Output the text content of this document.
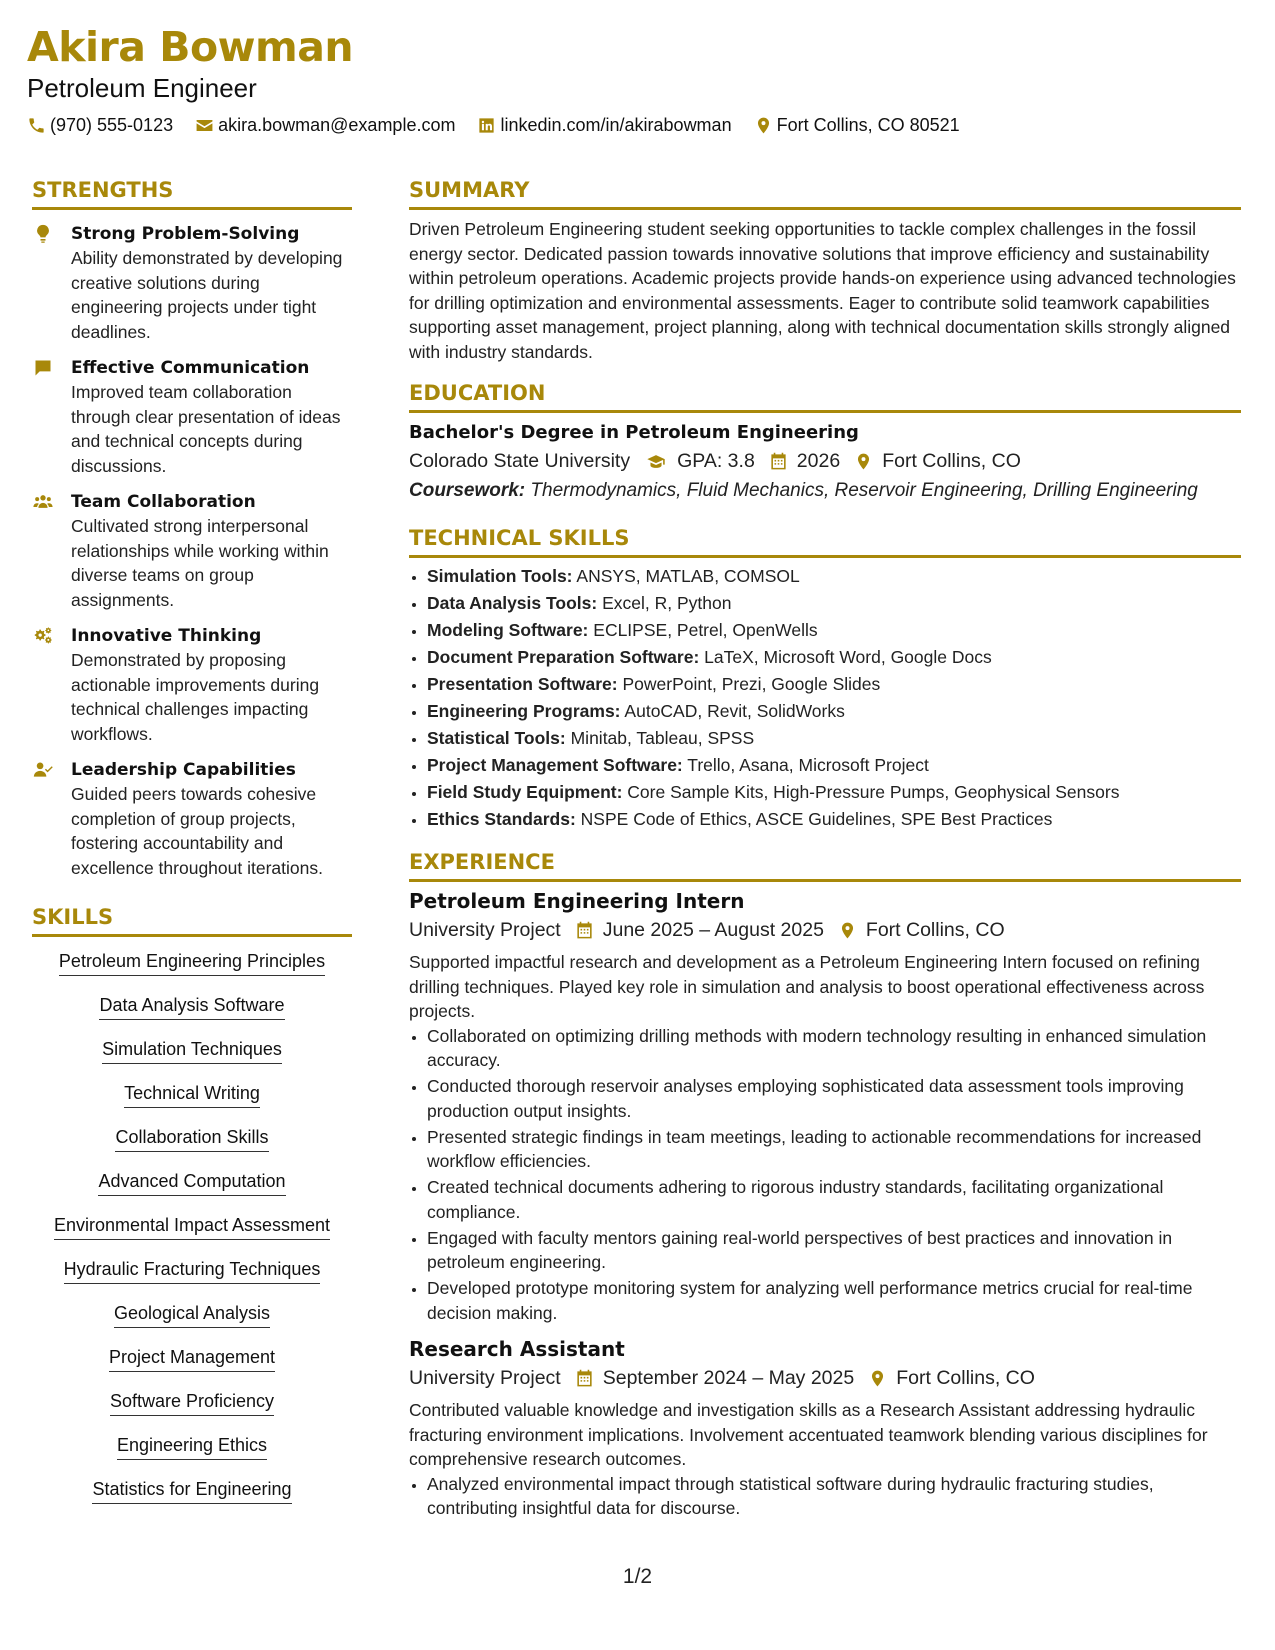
Akira Bowman
Petroleum Engineer
(970) 555-0123	akira.bowman@example.com	linkedin.com/in/akirabowman	Fort Collins, CO 80521
STRENGTHS
Strong Problem-Solving
Ability demonstrated by developing creative solutions during engineering projects under tight deadlines.
Effective Communication
Improved team collaboration through clear presentation of ideas and technical concepts during discussions.
Team Collaboration
Cultivated strong interpersonal relationships while working within diverse teams on group assignments.
Innovative Thinking
Demonstrated by proposing actionable improvements during technical challenges impacting workflows.
Leadership Capabilities
Guided peers towards cohesive completion of group projects, fostering accountability and excellence throughout iterations.
SKILLS
Petroleum Engineering Principles
Data Analysis Software
Simulation Techniques
Technical Writing
Collaboration Skills
Advanced Computation
Environmental Impact Assessment
Hydraulic Fracturing Techniques
Geological Analysis
Project Management
Software Proficiency
Engineering Ethics
Statistics for Engineering
SUMMARY
Driven Petroleum Engineering student seeking opportunities to tackle complex challenges in the fossil energy sector. Dedicated passion towards innovative solutions that improve efficiency and sustainability within petroleum operations. Academic projects provide hands-on experience using advanced technologies for drilling optimization and environmental assessments. Eager to contribute solid teamwork capabilities supporting asset management, project planning, along with technical documentation skills strongly aligned with industry standards.
EDUCATION
Bachelor's Degree in Petroleum Engineering
Colorado State University GPA: 3.8 2026 Fort Collins, CO
Coursework: Thermodynamics, Fluid Mechanics, Reservoir Engineering, Drilling Engineering
TECHNICAL SKILLS
• Simulation Tools: ANSYS, MATLAB, COMSOL
• Data Analysis Tools: Excel, R, Python
• Modeling Software: ECLIPSE, Petrel, OpenWells
• Document Preparation Software: LaTeX, Microsoft Word, Google Docs
• Presentation Software: PowerPoint, Prezi, Google Slides
• Engineering Programs: AutoCAD, Revit, SolidWorks
• Statistical Tools: Minitab, Tableau, SPSS
• Project Management Software: Trello, Asana, Microsoft Project
• Field Study Equipment: Core Sample Kits, High-Pressure Pumps, Geophysical Sensors
• Ethics Standards: NSPE Code of Ethics, ASCE Guidelines, SPE Best Practices
EXPERIENCE
Petroleum Engineering Intern
University Project June 2025 – August 2025 Fort Collins, CO
Supported impactful research and development as a Petroleum Engineering Intern focused on refining drilling techniques. Played key role in simulation and analysis to boost operational effectiveness across projects.
• Collaborated on optimizing drilling methods with modern technology resulting in enhanced simulation accuracy.
• Conducted thorough reservoir analyses employing sophisticated data assessment tools improving production output insights.
• Presented strategic findings in team meetings, leading to actionable recommendations for increased workflow efficiencies.
• Created technical documents adhering to rigorous industry standards, facilitating organizational compliance.
• Engaged with faculty mentors gaining real-world perspectives of best practices and innovation in petroleum engineering.
• Developed prototype monitoring system for analyzing well performance metrics crucial for real-time decision making.
Research Assistant
University Project September 2024 – May 2025 Fort Collins, CO
Contributed valuable knowledge and investigation skills as a Research Assistant addressing hydraulic fracturing environment implications. Involvement accentuated teamwork blending various disciplines for comprehensive research outcomes.
• Analyzed environmental impact through statistical software during hydraulic fracturing studies, contributing insightful data for discourse.
1/2
